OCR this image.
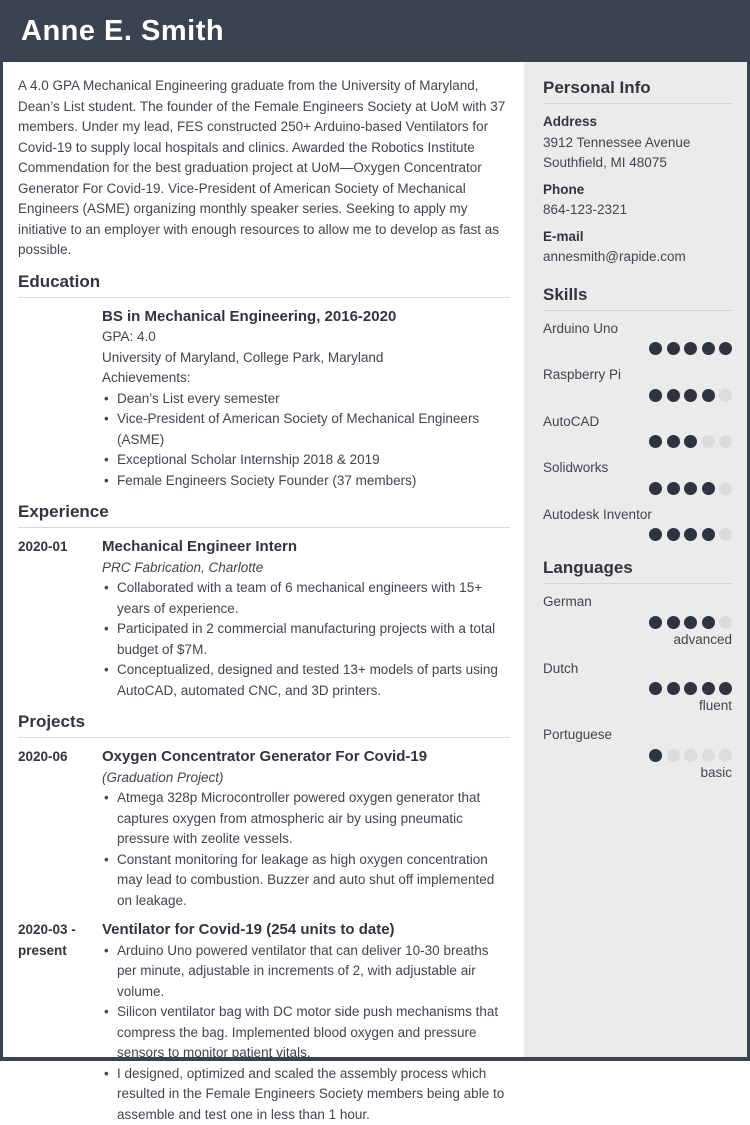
Anne E. Smith

A 4.0 GPA Mechanical Engineering graduate from the University of Maryland, Dean’s List student. The founder of the Female Engineers Society at UoM with 37 members. Under my lead, FES constructed 250+ Arduino-based Ventilators for Covid-19 to supply local hospitals and clinics. Awarded the Robotics Institute Commendation for the best graduation project at UoM—Oxygen Concentrator Generator For Covid-19. Vice-President of American Society of Mechanical Engineers (ASME) organizing monthly speaker series. Seeking to apply my initiative to an employer with enough resources to allow me to develop as fast as possible.

Education
BS in Mechanical Engineering, 2016-2020
GPA: 4.0
University of Maryland, College Park, Maryland
Achievements:
• Dean’s List every semester
• Vice-President of American Society of Mechanical Engineers (ASME)
• Exceptional Scholar Internship 2018 & 2019
• Female Engineers Society Founder (37 members)
Experience
2020-01	Mechanical Engineer Intern
PRC Fabrication, Charlotte
• Collaborated with a team of 6 mechanical engineers with 15+ years of experience.
• Participated in 2 commercial manufacturing projects with a total budget of $7M.
• Conceptualized, designed and tested 13+ models of parts using AutoCAD, automated CNC, and 3D printers.
Projects
2020-06	Oxygen Concentrator Generator For Covid-19
(Graduation Project)
• Atmega 328p Microcontroller powered oxygen generator that captures oxygen from atmospheric air by using pneumatic pressure with zeolite vessels.
• Constant monitoring for leakage as high oxygen concentration may lead to combustion. Buzzer and auto shut off implemented on leakage.
2020-03 - present
Ventilator for Covid-19 (254 units to date)
• Arduino Uno powered ventilator that can deliver 10-30 breaths per minute, adjustable in increments of 2, with adjustable air volume.
• Silicon ventilator bag with DC motor side push mechanisms that compress the bag. Implemented blood oxygen and pressure sensors to monitor patient vitals.
• I designed, optimized and scaled the assembly process which resulted in the Female Engineers Society members being able to assemble and test one in less than 1 hour.
Personal Info
Address
3912 Tennessee Avenue
Southfield, MI 48075
Phone
864-123-2321
E-mail
annesmith@rapide.com
Skills
Arduino Uno
Raspberry Pi
AutoCAD
Solidworks
Autodesk Inventor
Languages
German
advanced
Dutch
fluent
Portuguese
basic
